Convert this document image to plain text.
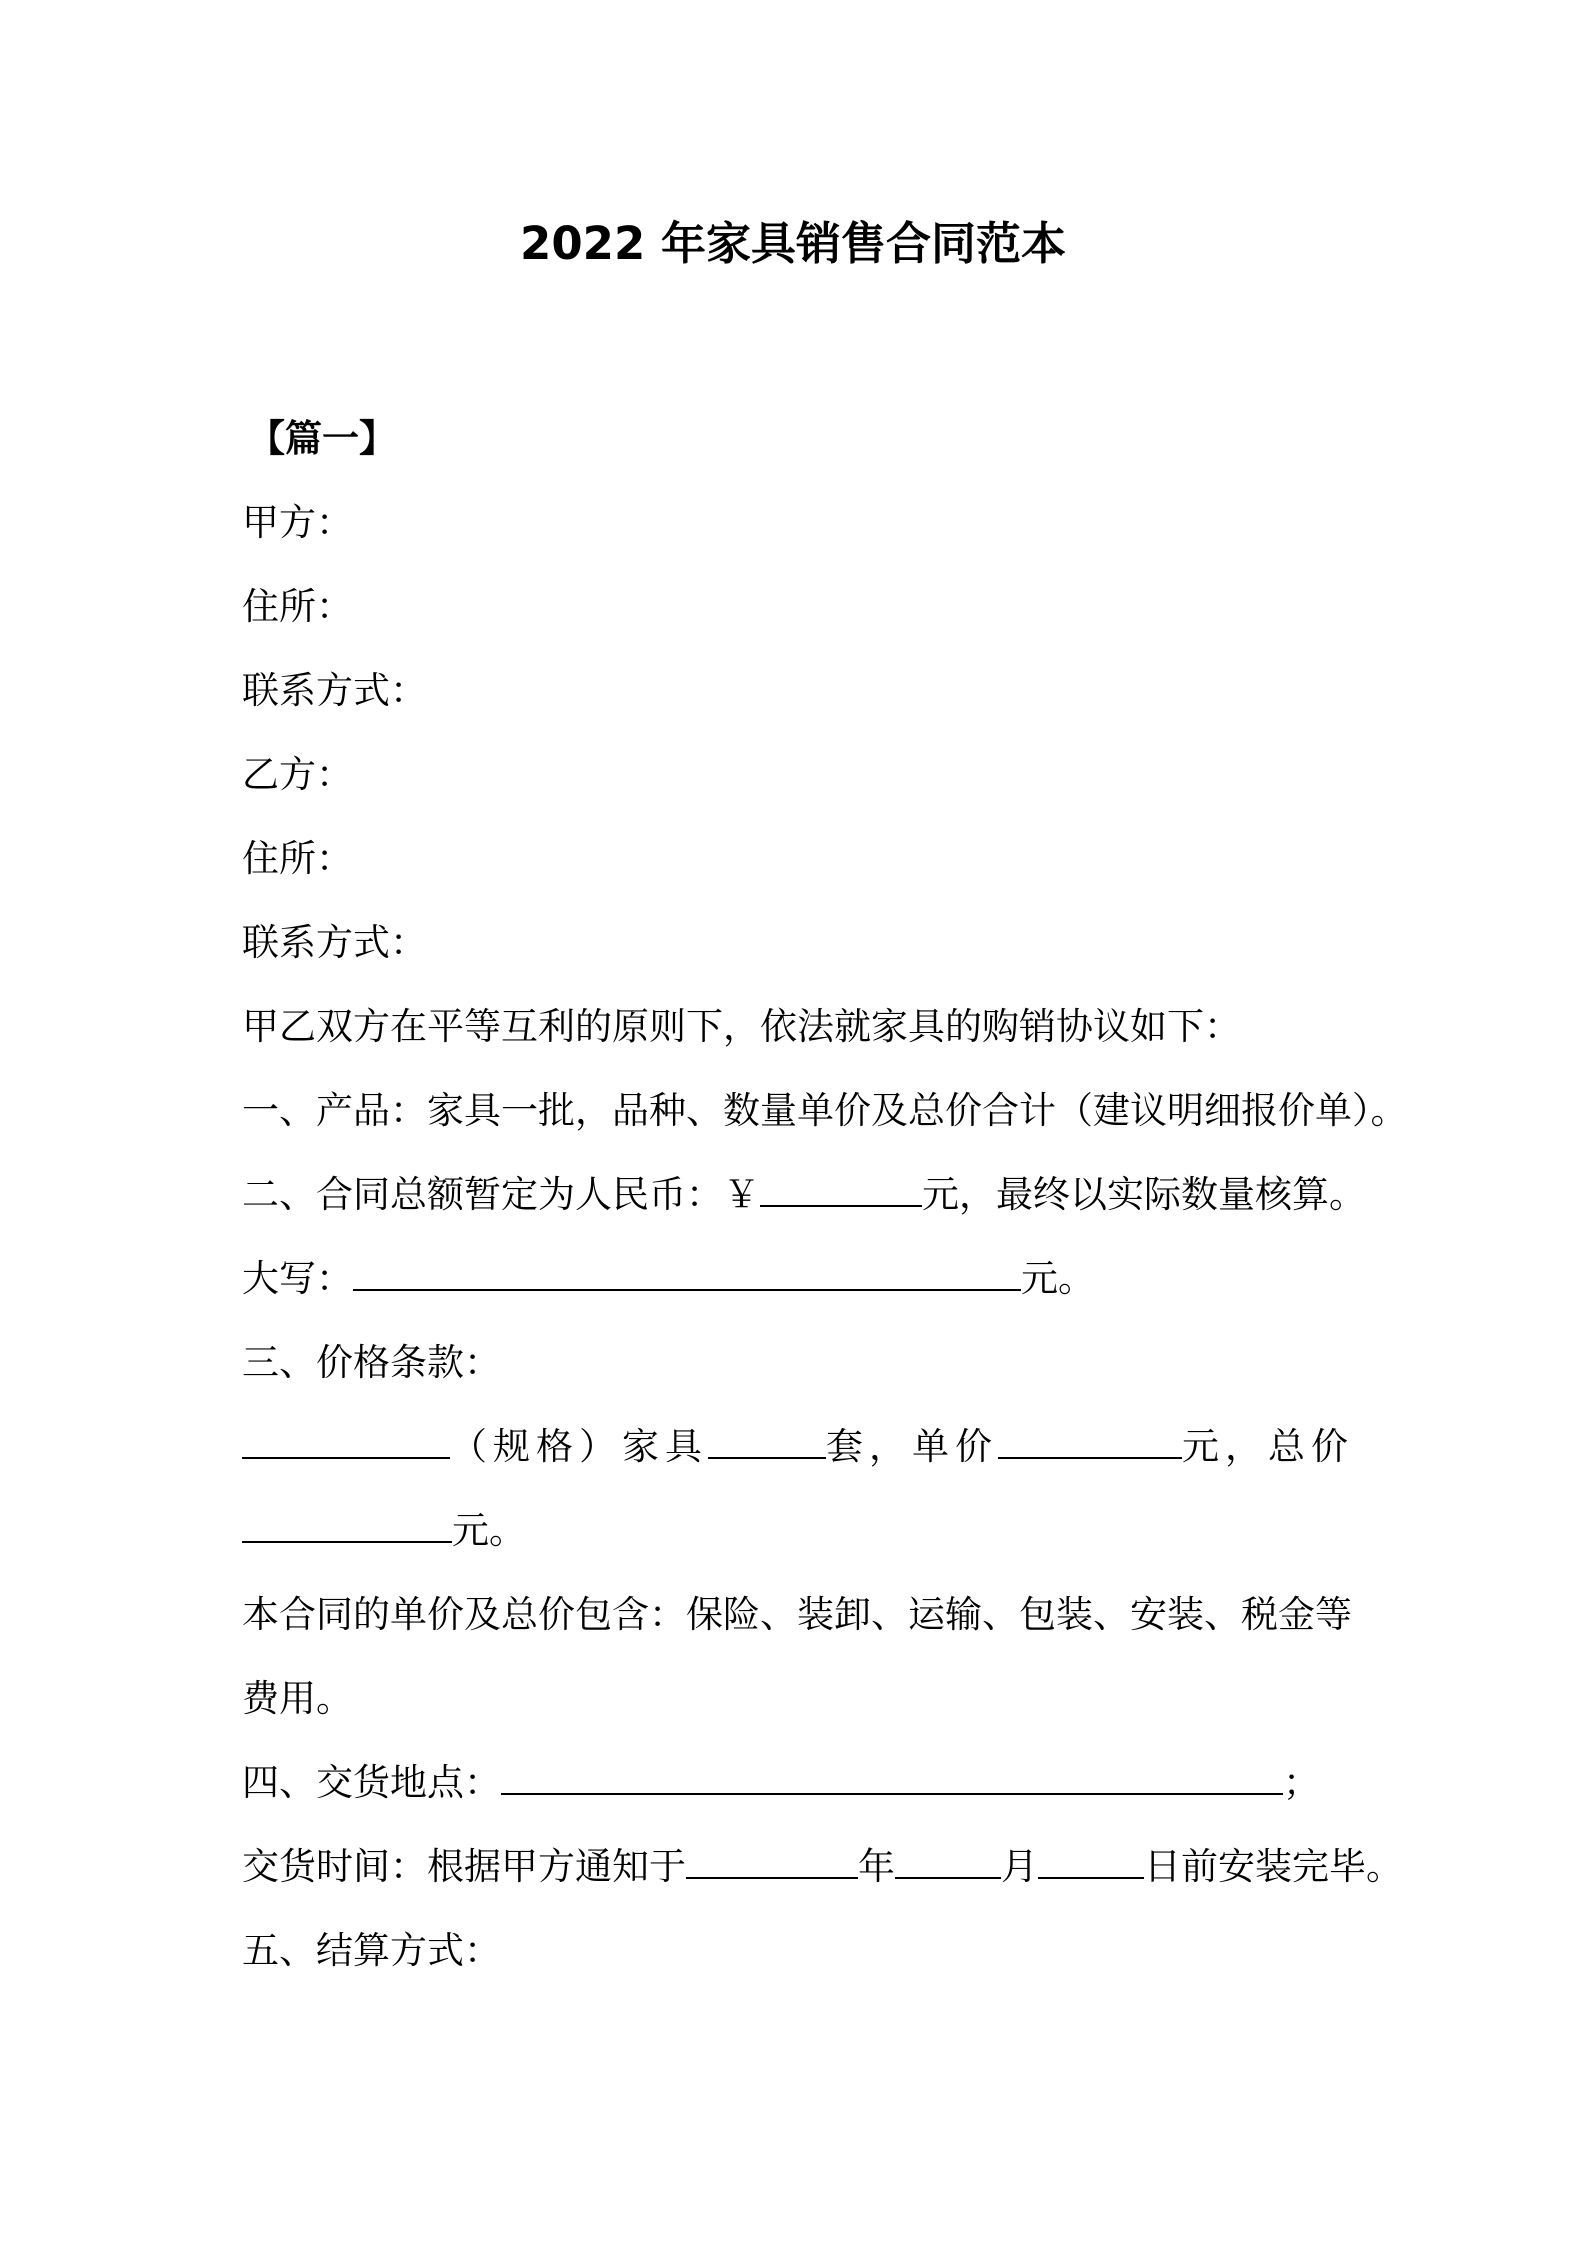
2022 年家具销售合同范本
【篇一】
甲方：
住所：
联系方式：
乙方：
住所：
联系方式：
甲乙双方在平等互利的原则下，依法就家具的购销协议如下：
一、产品：家具一批，品种、数量单价及总价合计（建议明细报价单）。
二、合同总额暂定为人民币：￥	元，最终以实际数量核算。
大写：	元。
三、价格条款：
（规格）家具	套，单价	元，总价
元。
本合同的单价及总价包含：保险、装卸、运输、包装、安装、税金等
费用。
四、交货地点：	；
交货时间：根据甲方通知于	年	月	日前安装完毕。
五、结算方式：
